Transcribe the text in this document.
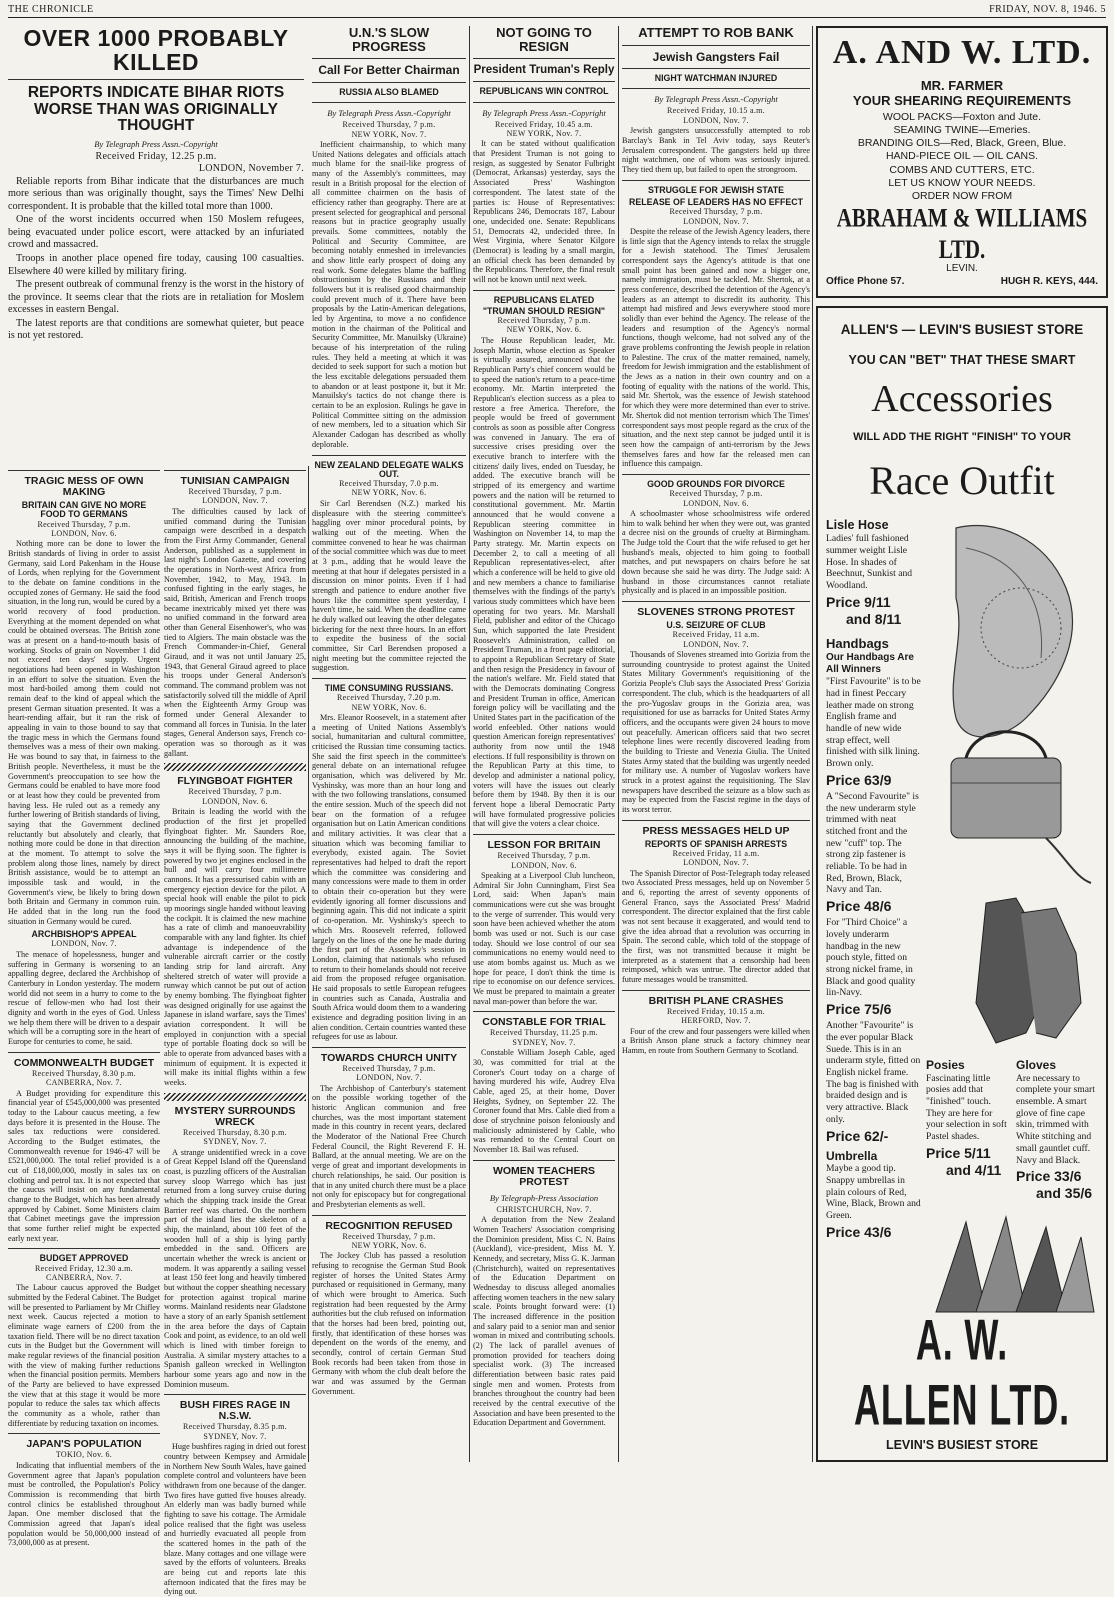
THE CHRONICLE	FRIDAY, NOV. 8, 1946. 5
OVER 1000 PROBABLY KILLED
REPORTS INDICATE BIHAR RIOTS WORSE THAN WAS ORIGINALLY THOUGHT
By Telegraph Press Assn.-Copyright
Received Friday, 12.25 p.m.
LONDON, November 7.

Reliable reports from Bihar indicate that the disturbances are much more serious than was originally thought, says the Times' New Delhi correspondent. It is probable that the killed total more than 1000.

One of the worst incidents occurred when 150 Moslem refugees, being evacuated under police escort, were attacked by an infuriated crowd and massacred.

Troops in another place opened fire today, causing 100 casualties. Elsewhere 40 were killed by military firing.

The present outbreak of communal frenzy is the worst in the history of the province. It seems clear that the riots are in retaliation for Moslem excesses in eastern Bengal.

The latest reports are that conditions are somewhat quieter, but peace is not yet restored.

TRAGIC MESS OF OWN MAKING
BRITAIN CAN GIVE NO MORE FOOD TO GERMANS
Received Thursday, 7 p.m.
LONDON, Nov. 6.

Nothing more can be done to lower the British standards of living in order to assist Germany, said Lord Pakenham in the House of Lords, when replying for the Government to the debate on famine conditions in the occupied zones of Germany. He said the food situation, in the long run, would be cured by a world recovery of food production. Everything at the moment depended on what could be obtained overseas. The British zone was at present on a hand-to-mouth basis of working. Stocks of grain on November 1 did not exceed ten days' supply. Urgent negotiations had been opened in Washington in an effort to solve the situation. Even the most hard-boiled among them could not remain deaf to the kind of appeal which the present German situation presented. It was a heart-rending affair, but it ran the risk of appealing in vain to those bound to say that the tragic mess in which the Germans found themselves was a mess of their own making. He was bound to say that, in fairness to the British people. Nevertheless, it must be the Government's preoccupation to see how the Germans could be enabled to have more food or at least how they could be prevented from having less. He ruled out as a remedy any further lowering of British standards of living, saying that the Government declined reluctantly but absolutely and clearly, that nothing more could be done in that direction at the moment. To attempt to solve the problem along those lines, namely by direct British assistance, would be to attempt an impossible task and would, in the Government's view, be likely to bring down both Britain and Germany in common ruin. He added that in the long run the food situation in Germany would be cured.

ARCHBISHOP'S APPEAL
LONDON, Nov. 7.

The menace of hopelessness, hunger and suffering in Germany is worsening to an appalling degree, declared the Archbishop of Canterbury in London yesterday. The modern world did not seem in a hurry to come to the rescue of fellow-men who had lost their dignity and worth in the eyes of God. Unless we help them there will be driven to a despair which will be a corrupting sore in the heart of Europe for centuries to come, he said.

COMMONWEALTH BUDGET
Received Thursday, 8.30 p.m.
CANBERRA, Nov. 7.

A Budget providing for expenditure this financial year of £545,000,000 was presented today to the Labour caucus meeting, a few days before it is presented in the House. The sales tax reductions were considered. According to the Budget estimates, the Commonwealth revenue for 1946-47 will be £521,000,000. The total relief provided is a cut of £18,000,000, mostly in sales tax on clothing and petrol tax. It is not expected that the caucus will insist on any fundamental change to the Budget, which has been already approved by Cabinet. Some Ministers claim that Cabinet meetings gave the impression that some further relief might be expected early next year.

BUDGET APPROVED
Received Friday, 12.30 a.m.
CANBERRA, Nov. 7.

The Labour caucus approved the Budget submitted by the Federal Cabinet. The Budget will be presented to Parliament by Mr Chifley next week. Caucus rejected a motion to eliminate wage earners of £200 from the taxation field. There will be no direct taxation cuts in the Budget but the Government will make regular reviews of the financial position with the view of making further reductions when the financial position permits. Members of the Party are believed to have expressed the view that at this stage it would be more popular to reduce the sales tax which affects the community as a whole, rather than differentiate by reducing taxation on incomes.

JAPAN'S POPULATION
TOKIO, Nov. 6.

Indicating that influential members of the Government agree that Japan's population must be controlled, the Population's Policy Commission is recommending that birth control clinics be established throughout Japan. One member disclosed that the Commission agreed that Japan's ideal population would be 50,000,000 instead of 73,000,000 as at present.

TUNISIAN CAMPAIGN
Received Thursday, 7 p.m.
LONDON, Nov. 7.

The difficulties caused by lack of unified command during the Tunisian campaign were described in a despatch from the First Army Commander, General Anderson, published as a supplement in last night's London Gazette, and covering the operations in North-west Africa from November, 1942, to May, 1943. In confused fighting in the early stages, he said, British, American and French troops became inextricably mixed yet there was no unified command in the forward area other than General Eisenhower's, who was tied to Algiers. The main obstacle was the French Commander-in-Chief, General Giraud, and it was not until January 25, 1943, that General Giraud agreed to place his troops under General Anderson's command. The command problem was not satisfactorily solved till the middle of April when the Eighteenth Army Group was formed under General Alexander to command all forces in Tunisia. In the later stages, General Anderson says, French co-operation was so thorough as it was gallant.

FLYINGBOAT FIGHTER
Received Thursday, 7 p.m.
LONDON, Nov. 6.

Britain is leading the world with the production of the first jet propelled flyingboat fighter. Mr. Saunders Roe, announcing the building of the machine, says it will be flying soon. The fighter is powered by two jet engines enclosed in the hull and will carry four millimetre cannons. It has a pressurised cabin with an emergency ejection device for the pilot. A special hook will enable the pilot to pick up moorings single handed without leaving the cockpit. It is claimed the new machine has a rate of climb and manoeuvrability comparable with any land fighter. Its chief advantage is independence of the vulnerable aircraft carrier or the costly landing strip for land aircraft. Any sheltered stretch of water will provide a runway which cannot be put out of action by enemy bombing. The flyingboat fighter was designed originally for use against the Japanese in island warfare, says the Times' aviation correspondent. It will be employed in conjunction with a special type of portable floating dock so will be able to operate from advanced bases with a minimum of equipment. It is expected it will make its initial flights within a few weeks.

MYSTERY SURROUNDS WRECK
Received Thursday, 8.30 p.m.
SYDNEY, Nov. 7.

A strange unidentified wreck in a cove of Great Keppel Island off the Queensland coast, is puzzling officers of the Australian survey sloop Warrego which has just returned from a long survey cruise during which the shipping track inside the Great Barrier reef was charted. On the northern part of the island lies the skeleton of a ship, the mainland, about 100 feet of the wooden hull of a ship is lying partly embedded in the sand. Officers are uncertain whether the wreck is ancient or modern. It was apparently a sailing vessel at least 150 feet long and heavily timbered but without the copper sheathing necessary for protection against tropical marine worms. Mainland residents near Gladstone have a story of an early Spanish settlement in the area before the days of Captain Cook and point, as evidence, to an old well which is lined with timber foreign to Australia. A similar mystery attaches to a Spanish galleon wrecked in Wellington harbour some years ago and now in the Dominion museum.

BUSH FIRES RAGE IN N.S.W.
Received Thursday, 8.35 p.m.
SYDNEY, Nov. 7.

Huge bushfires raging in dried out forest country between Kempsey and Armidale in Northern New South Wales, have gained complete control and volunteers have been withdrawn from one because of the danger. Two fires have gutted five houses already. An elderly man was badly burned while fighting to save his cottage. The Armidale police realised that the fight was useless and hurriedly evacuated all people from the scattered homes in the path of the blaze. Many cottages and one village were saved by the efforts of volunteers. Breaks are being cut and reports late this afternoon indicated that the fires may be dying out.

U.N.'S SLOW PROGRESS
Call For Better Chairman
RUSSIA ALSO BLAMED
By Telegraph Press Assn.-Copyright
Received Thursday, 7 p.m.
NEW YORK, Nov. 7.

Inefficient chairmanship, to which many United Nations delegates and officials attach much blame for the snail-like progress of many of the Assembly's committees, may result in a British proposal for the election of all committee chairmen on the basis of efficiency rather than geography. There are at present selected for geographical and personal reasons but in practice geography usually prevails. Some committees, notably the Political and Security Committee, are becoming notably enmeshed in irrelevancies and show little early prospect of doing any real work. Some delegates blame the baffling obstructionism by the Russians and their followers but it is realised good chairmanship could prevent much of it. There have been proposals by the Latin-American delegations, led by Argentina, to move a no confidence motion in the chairman of the Political and Security Committee, Mr. Manuilsky (Ukraine) because of his interpretation of the ruling rules. They held a meeting at which it was decided to seek support for such a motion but the less excitable delegations persuaded them to abandon or at least postpone it, but it Mr. Manuilsky's tactics do not change there is certain to be an explosion. Rulings he gave in Political Committee sitting on the admission of new members, led to a situation which Sir Alexander Cadogan has described as wholly deplorable.

NEW ZEALAND DELEGATE WALKS OUT.
Received Thursday, 7.0 p.m.
NEW YORK, Nov. 6.

Sir Carl Berendsen (N.Z.) marked his displeasure with the steering committee's haggling over minor procedural points, by walking out of the meeting. When the committee convened to hear he was chairman of the social committee which was due to meet at 3 p.m., adding that he would leave the meeting at that hour if delegates persisted in a discussion on minor points. Even if I had strength and patience to endure another five hours like the committee spent yesterday, I haven't time, he said. When the deadline came he duly walked out leaving the other delegates bickering for the next three hours. In an effort to expedite the business of the social committee, Sir Carl Berendsen proposed a night meeting but the committee rejected the suggestion.

TIME CONSUMING RUSSIANS.
Received Thursday, 7.20 p.m.
NEW YORK, Nov. 6.

Mrs. Eleanor Roosevelt, in a statement after a meeting of United Nations Assembly's social, humanitarian and cultural committee, criticised the Russian time consuming tactics. She said the first speech in the committee's general debate on an international refugee organisation, which was delivered by Mr. Vyshinsky, was more than an hour long and with the two following translations, consumed the entire session. Much of the speech did not bear on the formation of a refugee organisation but on Latin American conditions and military activities. It was clear that a situation which was becoming familiar to everybody, existed again. The Soviet representatives had helped to draft the report which the committee was considering and many concessions were made to them in order to obtain their co-operation but they were evidently ignoring all former discussions and beginning again. This did not indicate a spirit of co-operation. Mr. Vyshinsky's speech to which Mrs. Roosevelt referred, followed largely on the lines of the one he made during the first part of the Assembly's session in London, claiming that nationals who refused to return to their homelands should not receive aid from the proposed refugee organisation. He said proposals to settle European refugees in countries such as Canada, Australia and South Africa would doom them to a wandering existence and degrading position living in an alien condition. Certain countries wanted these refugees for use as labour.

TOWARDS CHURCH UNITY
Received Thursday, 7 p.m.
LONDON, Nov. 7.

The Archbishop of Canterbury's statement on the possible working together of the historic Anglican communion and free churches, was the most important statement made in this country in recent years, declared the Moderator of the National Free Church Federal Council, the Right Reverend F. H. Ballard, at the annual meeting. We are on the verge of great and important developments in church relationships, he said. Our position is that in any united church there must be a place not only for episcopacy but for congregational and Presbyterian elements as well.

RECOGNITION REFUSED
Received Thursday, 7 p.m.
NEW YORK, Nov. 6.

The Jockey Club has passed a resolution refusing to recognise the German Stud Book register of horses the United States Army purchased or requisitioned in Germany, many of which were brought to America. Such registration had been requested by the Army authorities but the club refused on information that the horses had been bred, pointing out, firstly, that identification of these horses was dependent on the words of the enemy, and secondly, control of certain German Stud Book records had been taken from those in Germany with whom the club dealt before the war and was assumed by the German Government.

NOT GOING TO RESIGN
President Truman's Reply
REPUBLICANS WIN CONTROL
By Telegraph Press Assn.-Copyright
Received Friday, 10.45 a.m.
NEW YORK, Nov. 7.

It can be stated without qualification that President Truman is not going to resign, as suggested by Senator Fulbright (Democrat, Arkansas) yesterday, says the Associated Press' Washington correspondent. The latest state of the parties is: House of Representatives: Republicans 246, Democrats 187, Labour one, undecided one. Senate: Republicans 51, Democrats 42, undecided three. In West Virginia, where Senator Kilgore (Democrat) is leading by a small margin, an official check has been demanded by the Republicans. Therefore, the final result will not be known until next week.

REPUBLICANS ELATED
"TRUMAN SHOULD RESIGN"
Received Thursday, 7 p.m.
NEW YORK, Nov. 6.

The House Republican leader, Mr. Joseph Martin, whose election as Speaker is virtually assured, announced that the Republican Party's chief concern would be to speed the nation's return to a peace-time economy. Mr. Martin interpreted the Republican's election success as a plea to restore a free America. Therefore, the people would be freed of government controls as soon as possible after Congress was convened in January. The era of successive crises presiding over the executive branch to interfere with the citizens' daily lives, ended on Tuesday, he added. The executive branch will be stripped of its emergency and wartime powers and the nation will be returned to constitutional government. Mr. Martin announced that he would convene a Republican steering committee in Washington on November 14, to map the Party strategy. Mr. Martin expects on December 2, to call a meeting of all Republican representatives-elect, after which a conference will be held to give old and new members a chance to familiarise themselves with the findings of the party's various study committees which have been operating for two years. Mr. Marshall Field, publisher and editor of the Chicago Sun, which supported the late President Roosevelt's Administration, called on President Truman, in a front page editorial, to appoint a Republican Secretary of State and then resign the Presidency in favour of the nation's welfare. Mr. Field stated that with the Democrats dominating Congress and President Truman in office, American foreign policy will be vacillating and the United States part in the pacification of the world enfeebled. Other nations would question American foreign representatives' authority from now until the 1948 elections. If full responsibility is thrown on the Republican Party at this time, to develop and administer a national policy, voters will have the issues out clearly before them by 1948. By then it is our fervent hope a liberal Democratic Party will have formulated progressive policies that will give the voters a clear choice.

LESSON FOR BRITAIN
Received Thursday, 7 p.m.
LONDON, Nov. 6.

Speaking at a Liverpool Club luncheon, Admiral Sir John Cunningham, First Sea Lord, said: When Japan's main communications were cut she was brought to the verge of surrender. This would very soon have been achieved whether the atom bomb was used or not. Such is our case today. Should we lose control of our sea communications no enemy would need to use atom bombs against us. Much as we hope for peace, I don't think the time is ripe to economise on our defence services. We must be prepared to maintain a greater naval man-power than before the war.

CONSTABLE FOR TRIAL
Received Thursday, 11.25 p.m.
SYDNEY, Nov. 7.

Constable William Joseph Cable, aged 30, was committed for trial at the Coroner's Court today on a charge of having murdered his wife, Audrey Elva Cable, aged 25, at their home, Dover Heights, Sydney, on September 22. The Coroner found that Mrs. Cable died from a dose of strychnine poison feloniously and maliciously administered by Cable, who was remanded to the Central Court on November 18. Bail was refused.

WOMEN TEACHERS PROTEST
By Telegraph-Press Association
CHRISTCHURCH, Nov. 7.

A deputation from the New Zealand Women Teachers' Association comprising the Dominion president, Miss C. N. Bains (Auckland), vice-president, Miss M. Y. Kennedy, and secretary, Miss G. K. Jarman (Christchurch), waited on representatives of the Education Department on Wednesday to discuss alleged anomalies affecting women teachers in the new salary scale. Points brought forward were: (1) The increased difference in the position and salary paid to a senior man and senior woman in mixed and contributing schools. (2) The lack of parallel avenues of promotion provided for teachers doing specialist work. (3) The increased differentiation between basic rates paid single men and women. Protests from branches throughout the country had been received by the central executive of the Association and have been presented to the Education Department and Government.

ATTEMPT TO ROB BANK
Jewish Gangsters Fail
NIGHT WATCHMAN INJURED
By Telegraph Press Assn.-Copyright
Received Friday, 10.15 a.m.
LONDON, Nov. 7.

Jewish gangsters unsuccessfully attempted to rob Barclay's Bank in Tel Aviv today, says Reuter's Jerusalem correspondent. The gangsters held up three night watchmen, one of whom was seriously injured. They tied them up, but failed to open the strongroom.

STRUGGLE FOR JEWISH STATE
RELEASE OF LEADERS HAS NO EFFECT
Received Thursday, 7 p.m.
LONDON, Nov. 7.

Despite the release of the Jewish Agency leaders, there is little sign that the Agency intends to relax the struggle for a Jewish statehood. The Times' Jerusalem correspondent says the Agency's attitude is that one small point has been gained and now a bigger one, namely immigration, must be tackled. Mr. Shertok, at a press conference, described the detention of the Agency's leaders as an attempt to discredit its authority. This attempt had misfired and Jews everywhere stood more solidly than ever behind the Agency. The release of the leaders and resumption of the Agency's normal functions, though welcome, had not solved any of the grave problems confronting the Jewish people in relation to Palestine. The crux of the matter remained, namely, freedom for Jewish immigration and the establishment of the Jews as a nation in their own country and on a footing of equality with the nations of the world. This, said Mr. Shertok, was the essence of Jewish statehood for which they were more determined than ever to strive. Mr. Shertok did not mention terrorism which The Times' correspondent says most people regard as the crux of the situation, and the next step cannot be judged until it is seen how the campaign of anti-terrorism by the Jews themselves fares and how far the released men can influence this campaign.

GOOD GROUNDS FOR DIVORCE
Received Thursday, 7 p.m.
LONDON, Nov. 6.

A schoolmaster whose schoolmistress wife ordered him to walk behind her when they were out, was granted a decree nisi on the grounds of cruelty at Birmingham. The Judge told the Court that the wife refused to get her husband's meals, objected to him going to football matches, and put newspapers on chairs before he sat down because she said he was dirty. The Judge said: A husband in those circumstances cannot retaliate physically and is placed in an impossible position.

SLOVENES STRONG PROTEST
U.S. SEIZURE OF CLUB
Received Friday, 11 a.m.
LONDON, Nov. 7.

Thousands of Slovenes streamed into Gorizia from the surrounding countryside to protest against the United States Military Government's requisitioning of the Gorizia People's Club says the Associated Press' Gorizia correspondent. The club, which is the headquarters of all the pro-Yugoslav groups in the Gorizia area, was requisitioned for use as barracks for United States Army officers, and the occupants were given 24 hours to move out peacefully. American officers said that two secret telephone lines were recently discovered leading from the building to Trieste and Venezia Giulia. The United States Army stated that the building was urgently needed for military use. A number of Yugoslav workers have struck in a protest against the requisitioning. The Slav newspapers have described the seizure as a blow such as may be expected from the Fascist regime in the days of its worst terror.

PRESS MESSAGES HELD UP
REPORTS OF SPANISH ARRESTS
Received Friday, 11 a.m.
LONDON, Nov. 7.

The Spanish Director of Post-Telegraph today released two Associated Press messages, held up on November 5 and 6, reporting the arrest of seventy opponents of General Franco, says the Associated Press' Madrid correspondent. The director explained that the first cable was not sent because it exaggerated, and would tend to give the idea abroad that a revolution was occurring in Spain. The second cable, which told of the stoppage of the first, was not transmitted because it might be interpreted as a statement that a censorship had been reimposed, which was untrue. The director added that future messages would be transmitted.

BRITISH PLANE CRASHES
Received Friday, 10.15 a.m.
HERFORD, Nov. 7.

Four of the crew and four passengers were killed when a British Anson plane struck a factory chimney near Hamm, en route from Southern Germany to Scotland.

A. AND W. LTD.
MR. FARMER
YOUR SHEARING REQUIREMENTS
WOOL PACKS—Foxton and Jute.
SEAMING TWINE—Emeries.
BRANDING OILS—Red, Black, Green, Blue.
HAND-PIECE OIL — OIL CANS.
COMBS AND CUTTERS, ETC.
LET US KNOW YOUR NEEDS.
ORDER NOW FROM
ABRAHAM & WILLIAMS LTD.
LEVIN.
Office Phone 57.	HUGH R. KEYS, 444.
ALLEN'S — LEVIN'S BUSIEST STORE
YOU CAN "BET" THAT THESE SMART
Accessories
WILL ADD THE RIGHT "FINISH" TO YOUR
Race Outfit
Lisle Hose
Ladies' full fashioned summer weight Lisle Hose. In shades of Beechnut, Sunkist and Woodland.
Price 9/11
and 8/11
Handbags
Our Handbags Are All Winners
"First Favourite" is to be had in finest Peccary leather made on strong English frame and handle of new wide strap effect, well finished with silk lining. Brown only.
Price 63/9
A "Second Favourite" is the new underarm style trimmed with neat stitched front and the new "cuff" top. The strong zip fastener is reliable. To be had in Red, Brown, Black, Navy and Tan.
Price 48/6
For "Third Choice" a lovely underarm handbag in the new pouch style, fitted on strong nickel frame, in Black and good quality lin-Navy.
Price 75/6
Another "Favourite" is the ever popular Black Suede. This is in an underarm style, fitted on English nickel frame. The bag is finished with braided design and is very attractive. Black only.
Price 62/-
Umbrella
Maybe a good tip. Snappy umbrellas in plain colours of Red, Wine, Black, Brown and Green.
Price 43/6

Posies
Fascinating little posies add that "finished" touch. They are here for your selection in soft Pastel shades.
Price 5/11
and 4/11
Gloves
Are necessary to complete your smart ensemble. A smart glove of fine cape skin, trimmed with White stitching and small gauntlet cuff. Navy and Black.
Price 33/6
and 35/6
A. W. ALLEN LTD.
LEVIN'S BUSIEST STORE
